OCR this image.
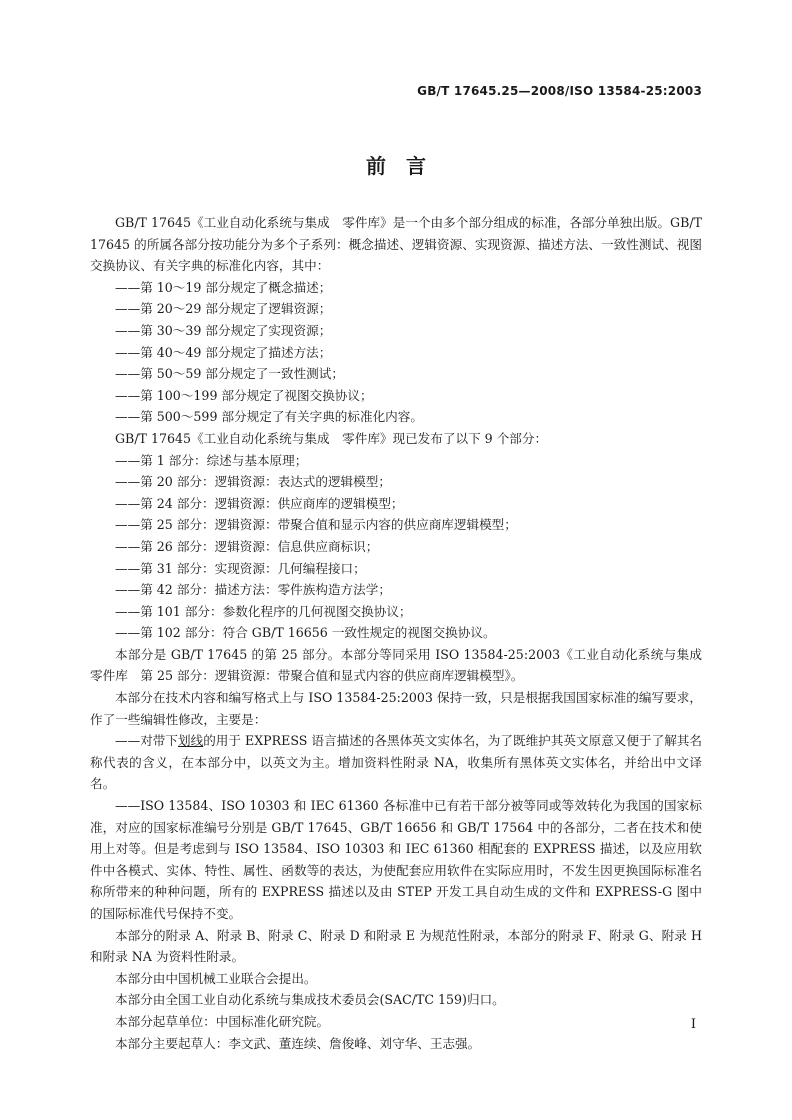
GB/T 17645.25—2008/ISO 13584-25:2003
前　言

GB/T 17645《工业自动化系统与集成　零件库》是一个由多个部分组成的标准，各部分单独出版。GB/T 17645 的所属各部分按功能分为多个子系列：概念描述、逻辑资源、实现资源、描述方法、一致性测试、视图交换协议、有关字典的标准化内容，其中：

——第 10～19 部分规定了概念描述；

——第 20～29 部分规定了逻辑资源；

——第 30～39 部分规定了实现资源；

——第 40～49 部分规定了描述方法；

——第 50～59 部分规定了一致性测试；

——第 100～199 部分规定了视图交换协议；

——第 500～599 部分规定了有关字典的标准化内容。

GB/T 17645《工业自动化系统与集成　零件库》现已发布了以下 9 个部分：

——第 1 部分：综述与基本原理；

——第 20 部分：逻辑资源：表达式的逻辑模型；

——第 24 部分：逻辑资源：供应商库的逻辑模型；

——第 25 部分：逻辑资源：带聚合值和显示内容的供应商库逻辑模型；

——第 26 部分：逻辑资源：信息供应商标识；

——第 31 部分：实现资源：几何编程接口；

——第 42 部分：描述方法：零件族构造方法学；

——第 101 部分：参数化程序的几何视图交换协议；

——第 102 部分：符合 GB/T 16656 一致性规定的视图交换协议。

本部分是 GB/T 17645 的第 25 部分。本部分等同采用 ISO 13584-25:2003《工业自动化系统与集成　零件库　第 25 部分：逻辑资源：带聚合值和显式内容的供应商库逻辑模型》。

本部分在技术内容和编写格式上与 ISO 13584-25:2003 保持一致，只是根据我国国家标准的编写要求，作了一些编辑性修改，主要是：

——对带下划线的用于 EXPRESS 语言描述的各黑体英文实体名，为了既维护其英文原意又便于了解其名称代表的含义，在本部分中，以英文为主。增加资料性附录 NA，收集所有黑体英文实体名，并给出中文译名。

——ISO 13584、ISO 10303 和 IEC 61360 各标准中已有若干部分被等同或等效转化为我国的国家标准，对应的国家标准编号分别是 GB/T 17645、GB/T 16656 和 GB/T 17564 中的各部分，二者在技术和使用上对等。但是考虑到与 ISO 13584、ISO 10303 和 IEC 61360 相配套的 EXPRESS 描述，以及应用软件中各模式、实体、特性、属性、函数等的表达，为使配套应用软件在实际应用时，不发生因更换国际标准名称所带来的种种问题，所有的 EXPRESS 描述以及由 STEP 开发工具自动生成的文件和 EXPRESS-G 图中的国际标准代号保持不变。

本部分的附录 A、附录 B、附录 C、附录 D 和附录 E 为规范性附录，本部分的附录 F、附录 G、附录 H 和附录 NA 为资料性附录。

本部分由中国机械工业联合会提出。

本部分由全国工业自动化系统与集成技术委员会(SAC/TC 159)归口。

本部分起草单位：中国标准化研究院。

本部分主要起草人：李文武、董连续、詹俊峰、刘守华、王志强。

I
